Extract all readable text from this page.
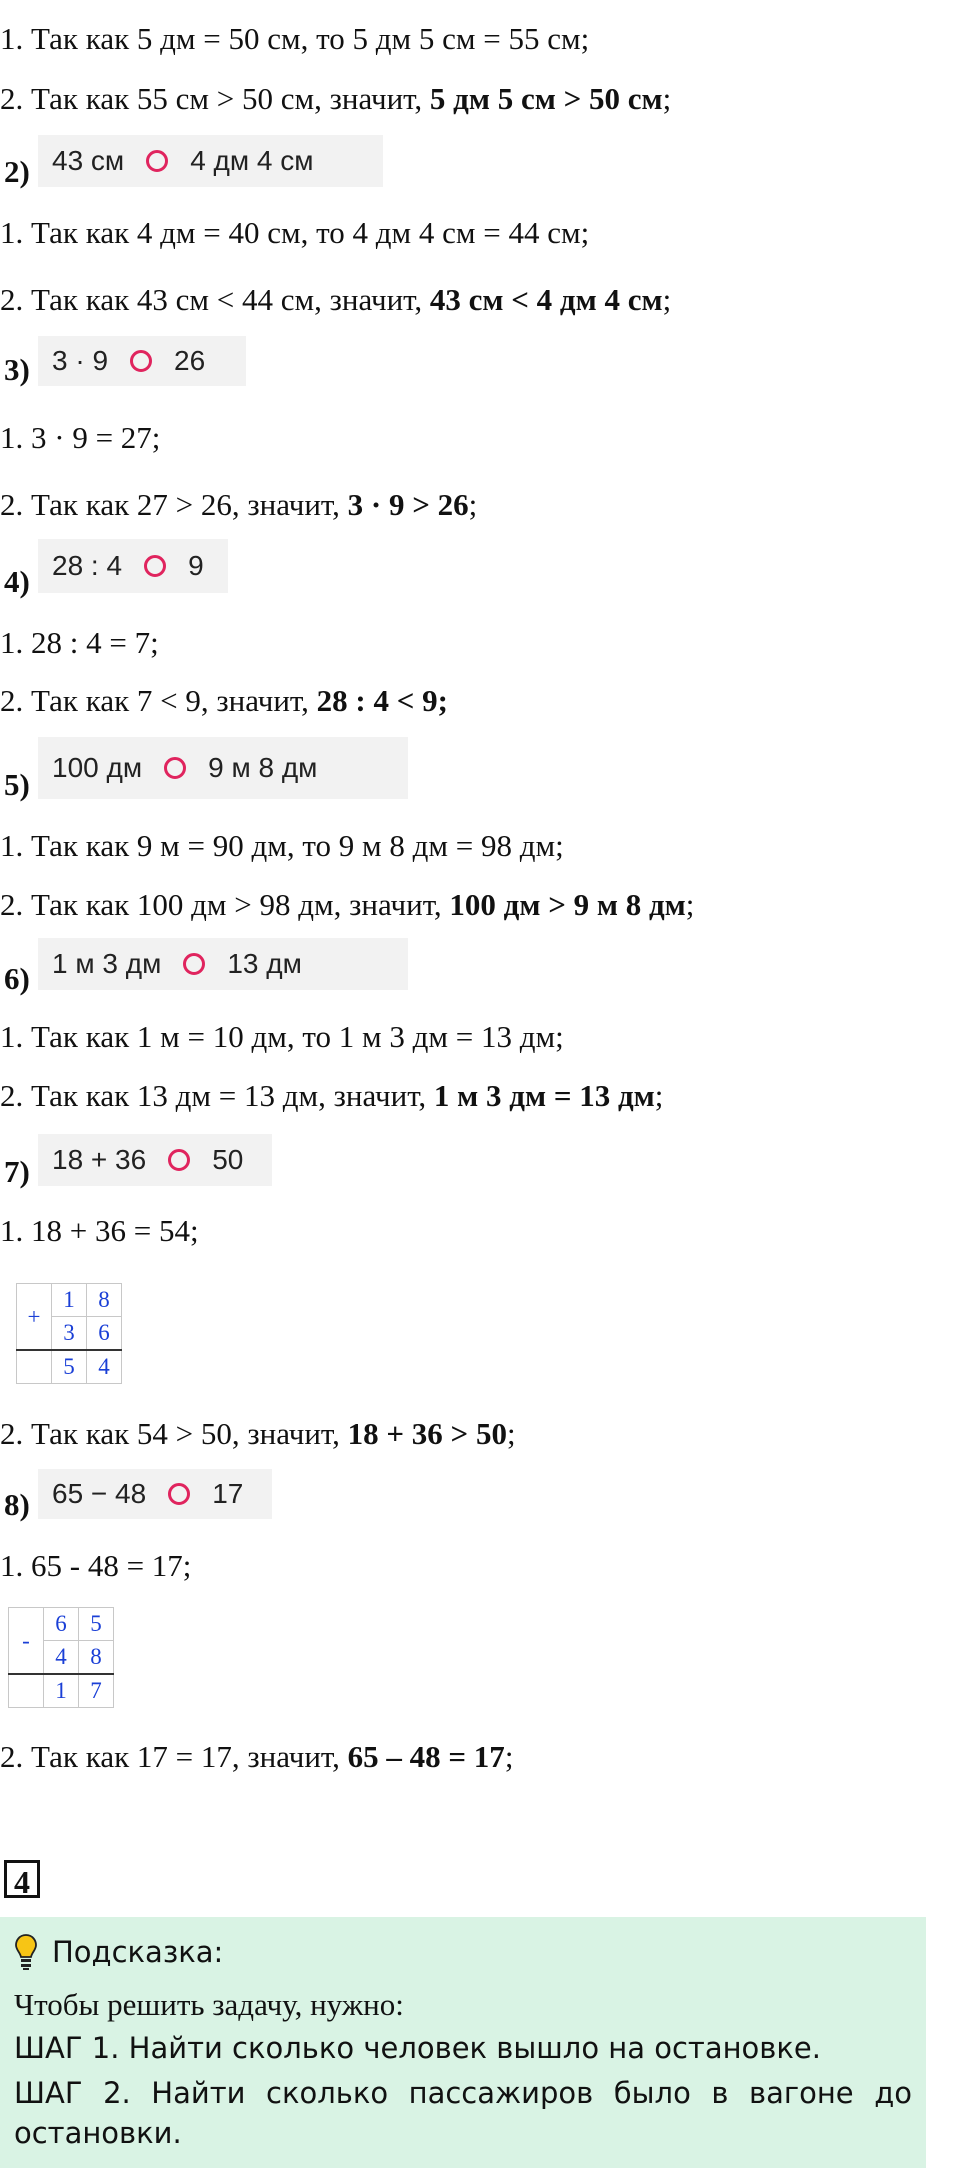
1. Так как 5 дм = 50 см, то 5 дм 5 см = 55 см;
2. Так как 55 см > 50 см, значит, 5 дм 5 см > 50 см;
2) 43 см 4 дм 4 см
1. Так как 4 дм = 40 см, то 4 дм 4 см = 44 см;
2. Так как 43 см < 44 см, значит, 43 см < 4 дм 4 см;
3) 3 · 9 26
1. 3 · 9 = 27;
2. Так как 27 > 26, значит, 3 · 9 > 26;
4) 28 : 4 9
1. 28 : 4 = 7;
2. Так как 7 < 9, значит, 28 : 4 < 9;
5) 100 дм 9 м 8 дм
1. Так как 9 м = 90 дм, то 9 м 8 дм = 98 дм;
2. Так как 100 дм > 98 дм, значит, 100 дм > 9 м 8 дм;
6) 1 м 3 дм 13 дм
1. Так как 1 м = 10 дм, то 1 м 3 дм = 13 дм;
2. Так как 13 дм = 13 дм, значит, 1 м 3 дм = 13 дм;
7) 18 + 36 50
1. 18 + 36 = 54;
+	1	8
	3	6
	5	4
2. Так как 54 > 50, значит, 18 + 36 > 50;
8) 65 − 48 17
1. 65 - 48 = 17;
-	6	5
	4	8
	1	7
2. Так как 17 = 17, значит, 65 – 48 = 17;
4
Подсказка:
Чтобы решить задачу, нужно:
ШАГ 1. Найти сколько человек вышло на остановке.
ШАГ 2. Найти сколько пассажиров было в вагоне до остановки.
